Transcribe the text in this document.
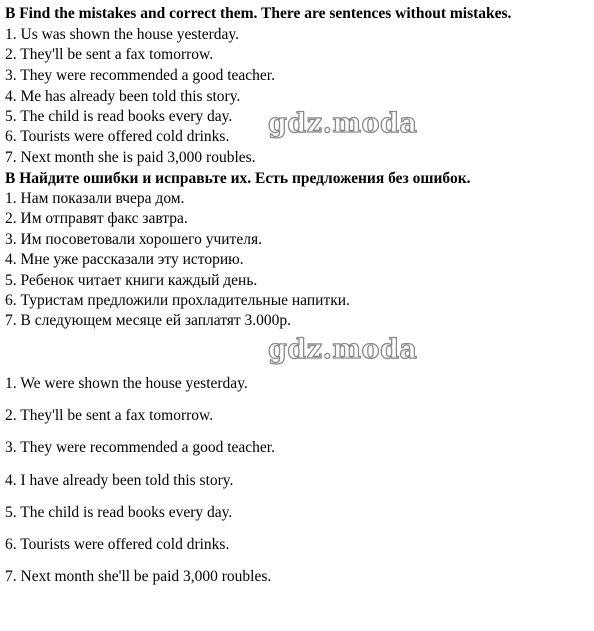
B Find the mistakes and correct them. There are sentences without mistakes.
1. Us was shown the house yesterday.
2. They'll be sent a fax tomorrow.
3. They were recommended a good teacher.
4. Me has already been told this story.
5. The child is read books every day.
6. Tourists were offered cold drinks.
7. Next month she is paid 3,000 roubles.
В Найдите ошибки и исправьте их. Есть предложения без ошибок.
1. Нам показали вчера дом.
2. Им отправят факс завтра.
3. Им посоветовали хорошего учителя.
4. Мне уже рассказали эту историю.
5. Ребенок читает книги каждый день.
6. Туристам предложили прохладительные напитки.
7. В следующем месяце ей заплатят 3.000р.
gdz.moda
gdz.moda
1. We were shown the house yesterday.
2. They'll be sent a fax tomorrow.
3. They were recommended a good teacher.
4. I have already been told this story.
5. The child is read books every day.
6. Tourists were offered cold drinks.
7. Next month she'll be paid 3,000 roubles.
